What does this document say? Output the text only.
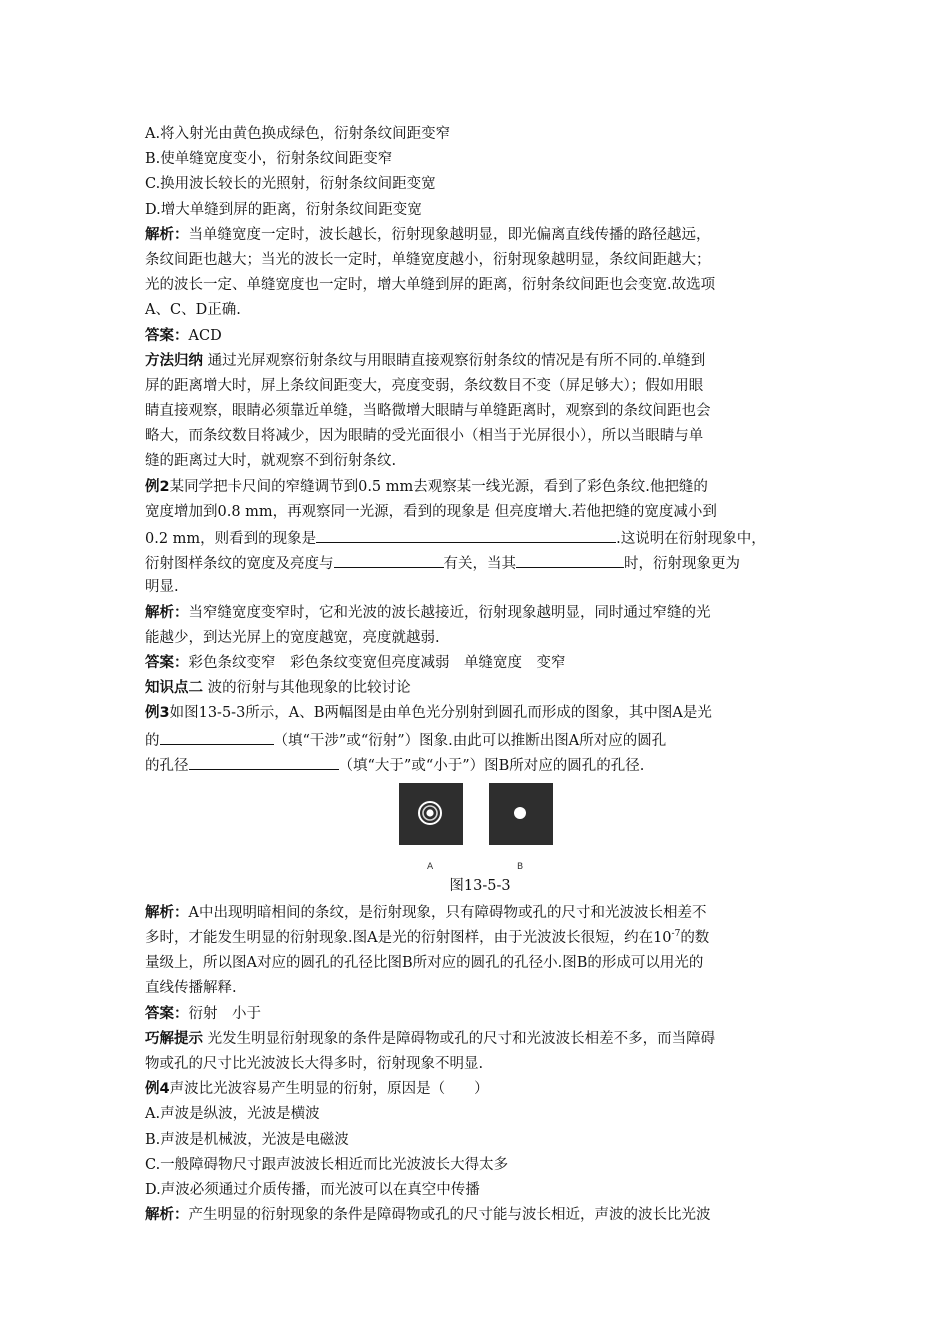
A.将入射光由黄色换成绿色，衍射条纹间距变窄
B.使单缝宽度变小，衍射条纹间距变窄
C.换用波长较长的光照射，衍射条纹间距变宽
D.增大单缝到屏的距离，衍射条纹间距变宽
解析：当单缝宽度一定时，波长越长，衍射现象越明显，即光偏离直线传播的路径越远，
条纹间距也越大；当光的波长一定时，单缝宽度越小，衍射现象越明显，条纹间距越大；
光的波长一定、单缝宽度也一定时，增大单缝到屏的距离，衍射条纹间距也会变宽.故选项
A、C、D正确.
答案：ACD
方法归纳 通过光屏观察衍射条纹与用眼睛直接观察衍射条纹的情况是有所不同的.单缝到
屏的距离增大时，屏上条纹间距变大，亮度变弱，条纹数目不变（屏足够大）；假如用眼
睛直接观察，眼睛必须靠近单缝，当略微增大眼睛与单缝距离时，观察到的条纹间距也会
略大，而条纹数目将减少，因为眼睛的受光面很小（相当于光屏很小），所以当眼睛与单
缝的距离过大时，就观察不到衍射条纹.
例2某同学把卡尺间的窄缝调节到0.5 mm去观察某一线光源，看到了彩色条纹.他把缝的
宽度增加到0.8 mm，再观察同一光源，看到的现象是 但亮度增大.若他把缝的宽度减小到
0.2 mm，则看到的现象是	.这说明在衍射现象中，
衍射图样条纹的宽度及亮度与	有关，当其	时，衍射现象更为
明显.
解析：当窄缝宽度变窄时，它和光波的波长越接近，衍射现象越明显，同时通过窄缝的光
能越少，到达光屏上的宽度越宽，亮度就越弱.
答案：彩色条纹变窄　彩色条纹变宽但亮度减弱　单缝宽度　变窄
知识点二 波的衍射与其他现象的比较讨论
例3如图13-5-3所示，A、B两幅图是由单色光分别射到圆孔而形成的图象，其中图A是光
的	（填“干涉”或“衍射”）图象.由此可以推断出图A所对应的圆孔
的孔径	（填“大于”或“小于”）图B所对应的圆孔的孔径.
A	B
图13-5-3
解析：A中出现明暗相间的条纹，是衍射现象，只有障碍物或孔的尺寸和光波波长相差不
多时，才能发生明显的衍射现象.图A是光的衍射图样，由于光波波长很短，约在$10^{-7}$的数
量级上，所以图A对应的圆孔的孔径比图B所对应的圆孔的孔径小.图B的形成可以用光的
直线传播解释.
答案：衍射　小于
巧解提示 光发生明显衍射现象的条件是障碍物或孔的尺寸和光波波长相差不多，而当障碍
物或孔的尺寸比光波波长大得多时，衍射现象不明显.
例4声波比光波容易产生明显的衍射，原因是（　　）
A.声波是纵波，光波是横波
B.声波是机械波，光波是电磁波
C.一般障碍物尺寸跟声波波长相近而比光波波长大得太多
D.声波必须通过介质传播，而光波可以在真空中传播
解析：产生明显的衍射现象的条件是障碍物或孔的尺寸能与波长相近，声波的波长比光波
